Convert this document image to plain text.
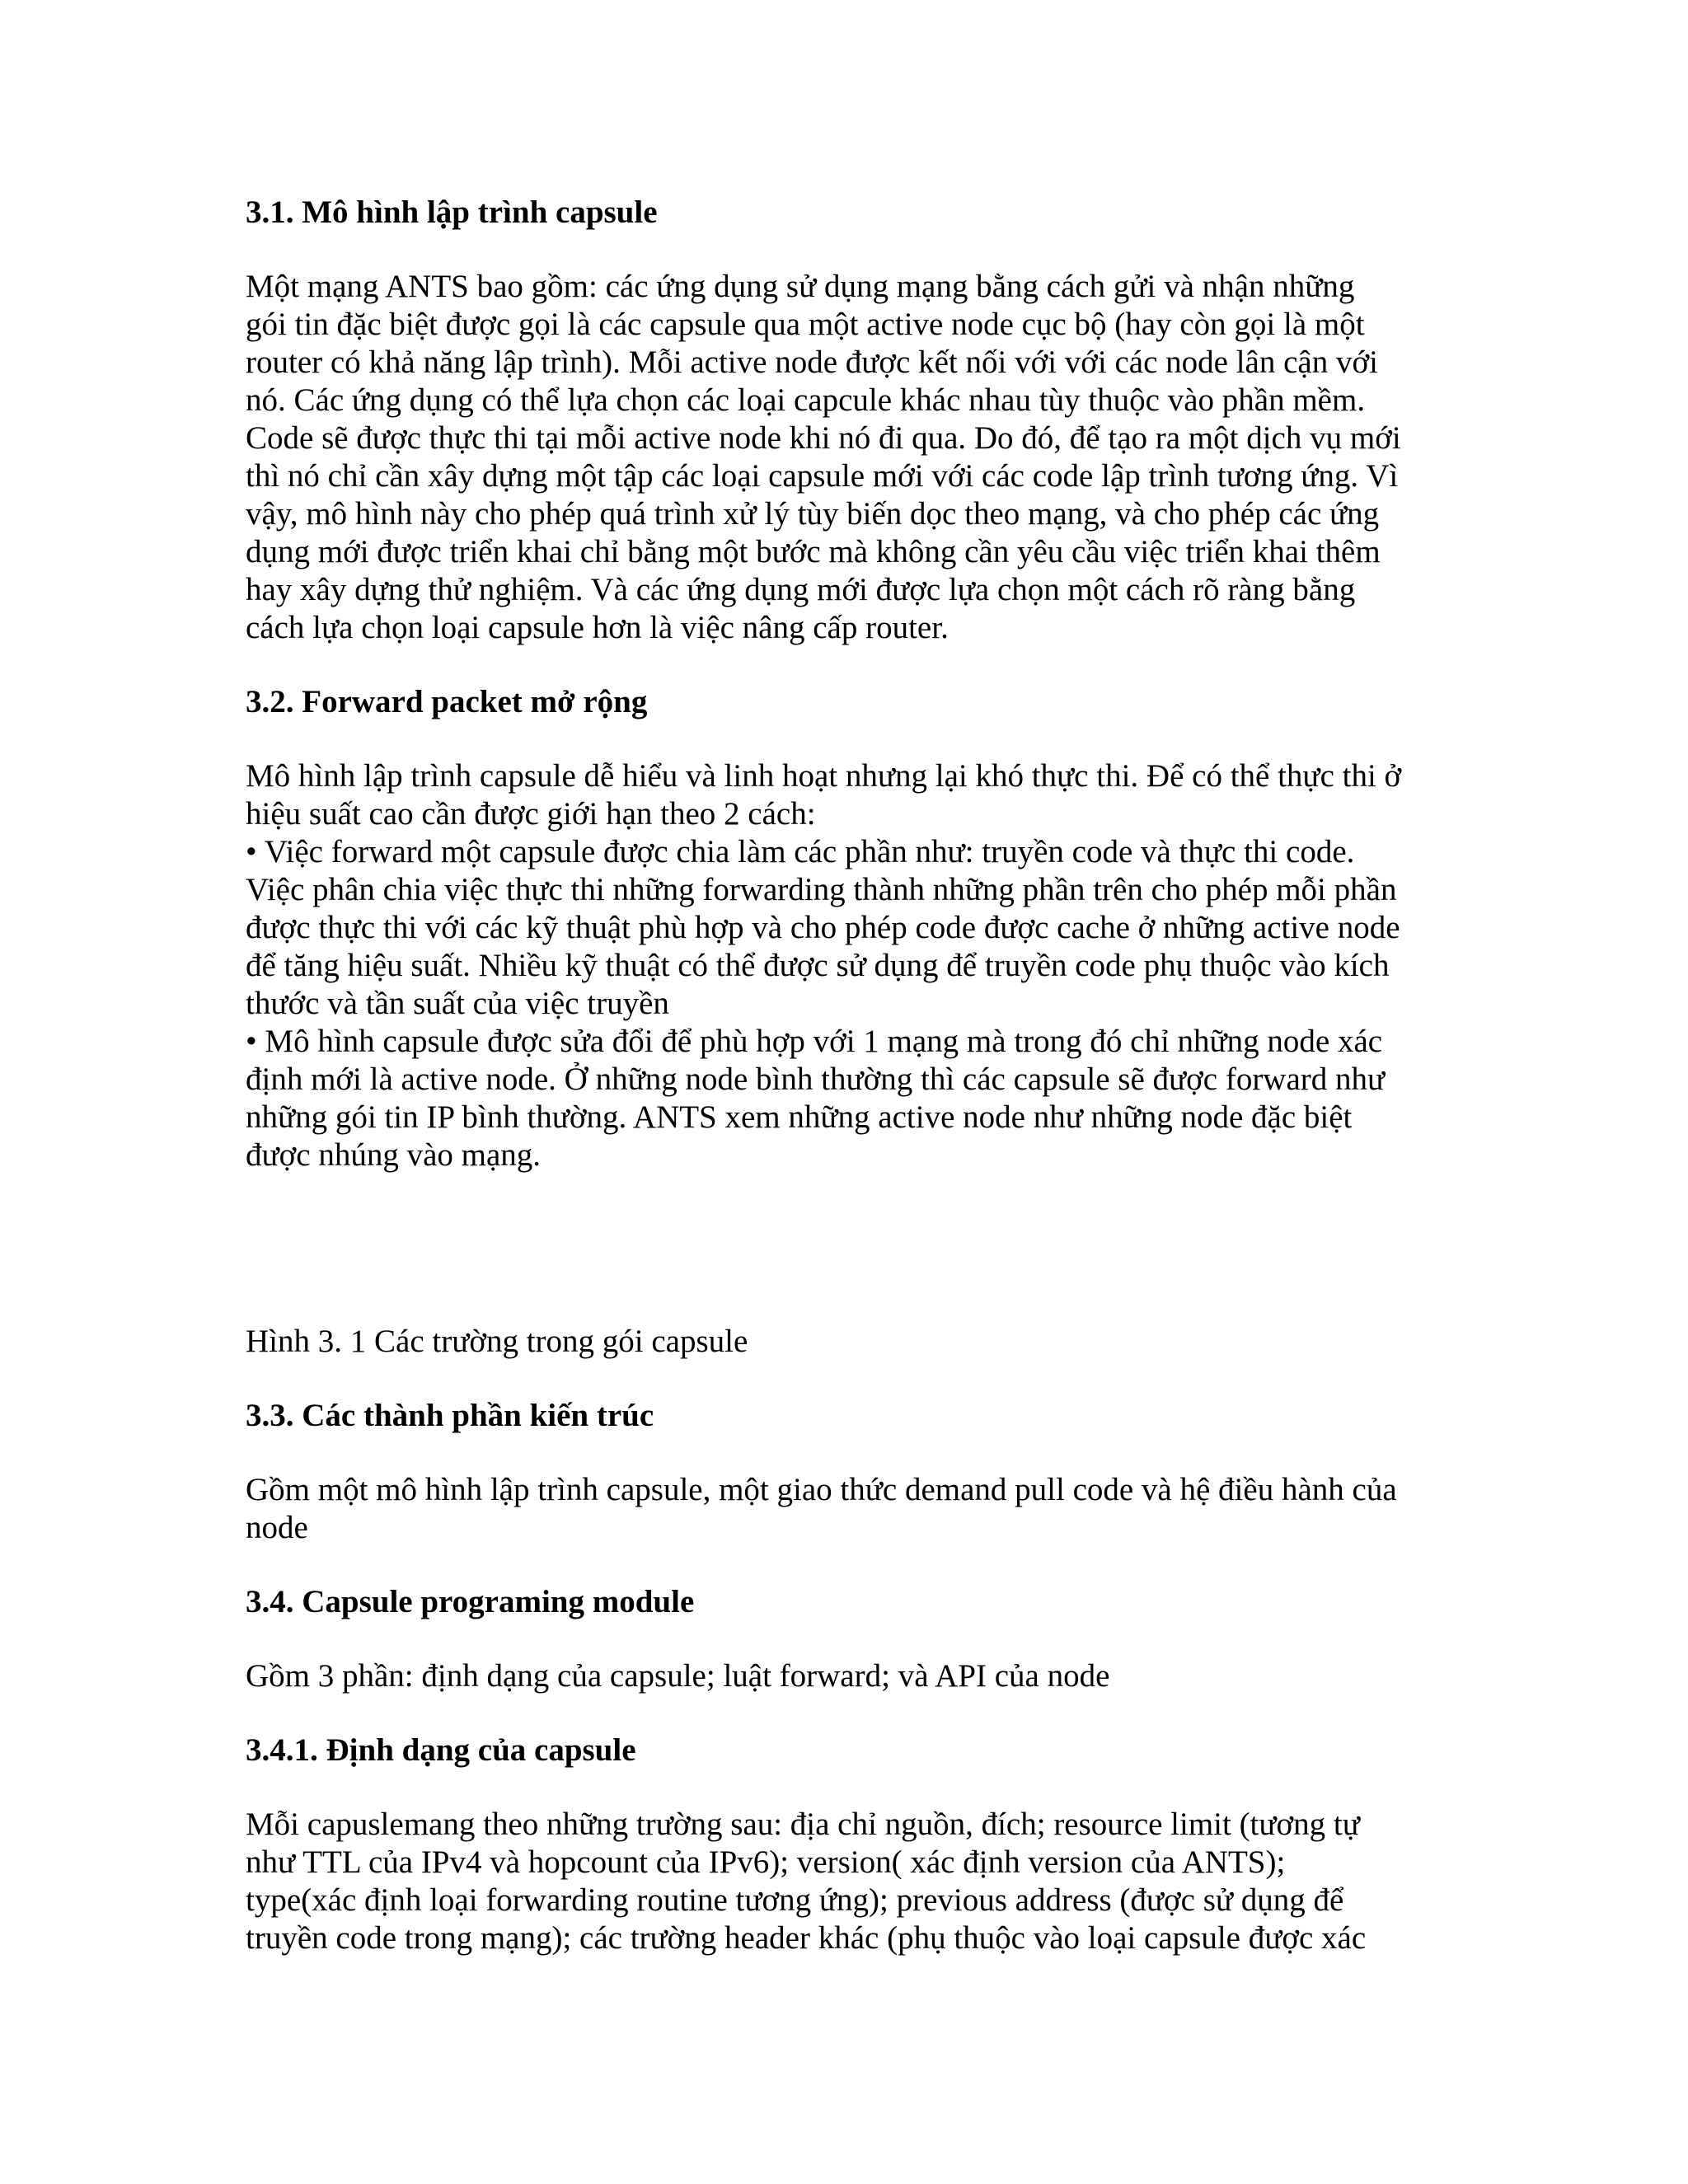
3.1. Mô hình lập trình capsule
Một mạng ANTS bao gồm: các ứng dụng sử dụng mạng bằng cách gửi và nhận những
gói tin đặc biệt được gọi là các capsule qua một active node cục bộ (hay còn gọi là một
router có khả năng lập trình). Mỗi active node được kết nối với với các node lân cận với
nó. Các ứng dụng có thể lựa chọn các loại capcule khác nhau tùy thuộc vào phần mềm.
Code sẽ được thực thi tại mỗi active node khi nó đi qua. Do đó, để tạo ra một dịch vụ mới
thì nó chỉ cần xây dựng một tập các loại capsule mới với các code lập trình tương ứng. Vì
vậy, mô hình này cho phép quá trình xử lý tùy biến dọc theo mạng, và cho phép các ứng
dụng mới được triển khai chỉ bằng một bước mà không cần yêu cầu việc triển khai thêm
hay xây dựng thử nghiệm. Và các ứng dụng mới được lựa chọn một cách rõ ràng bằng
cách lựa chọn loại capsule hơn là việc nâng cấp router.
3.2. Forward packet mở rộng
Mô hình lập trình capsule dễ hiểu và linh hoạt nhưng lại khó thực thi. Để có thể thực thi ở
hiệu suất cao cần được giới hạn theo 2 cách:
• Việc forward một capsule được chia làm các phần như: truyền code và thực thi code.
Việc phân chia việc thực thi những forwarding thành những phần trên cho phép mỗi phần
được thực thi với các kỹ thuật phù hợp và cho phép code được cache ở những active node
để tăng hiệu suất. Nhiều kỹ thuật có thể được sử dụng để truyền code phụ thuộc vào kích
thước và tần suất của việc truyền
• Mô hình capsule được sửa đổi để phù hợp với 1 mạng mà trong đó chỉ những node xác
định mới là active node. Ở những node bình thường thì các capsule sẽ được forward như
những gói tin IP bình thường. ANTS xem những active node như những node đặc biệt
được nhúng vào mạng.

Hình 3. 1 Các trường trong gói capsule

3.3. Các thành phần kiến trúc
Gồm một mô hình lập trình capsule, một giao thức demand pull code và hệ điều hành của
node
3.4. Capsule programing module
Gồm 3 phần: định dạng của capsule; luật forward; và API của node
3.4.1. Định dạng của capsule
Mỗi capuslemang theo những trường sau: địa chỉ nguồn, đích; resource limit (tương tự
như TTL của IPv4 và hopcount của IPv6); version( xác định version của ANTS);
type(xác định loại forwarding routine tương ứng); previous address (được sử dụng để
truyền code trong mạng); các trường header khác (phụ thuộc vào loại capsule được xác
